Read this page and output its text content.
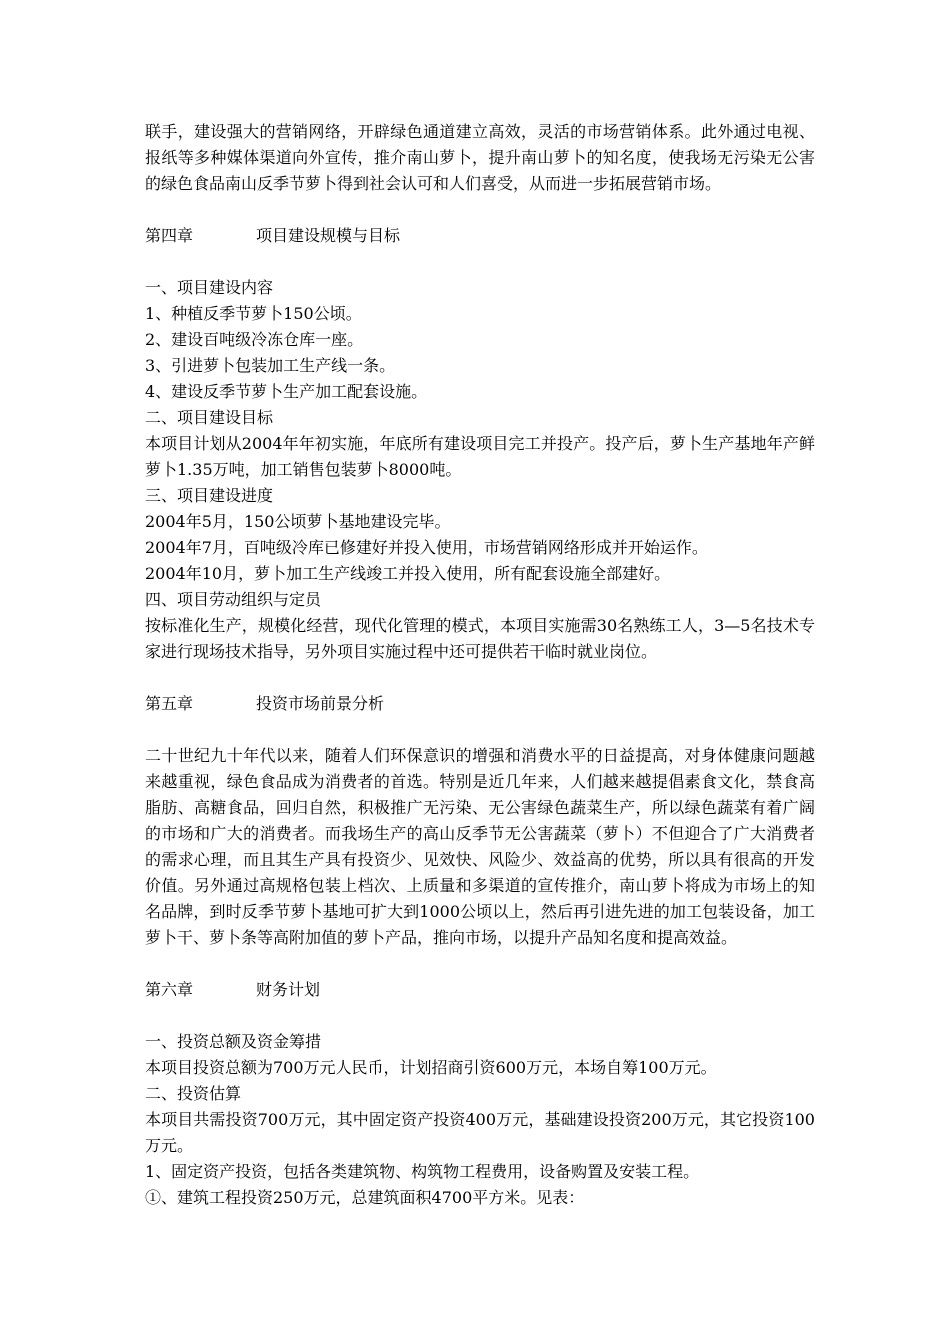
联手，建设强大的营销网络，开辟绿色通道建立高效，灵活的市场营销体系。此外通过电视、报纸等多种媒体渠道向外宣传，推介南山萝卜，提升南山萝卜的知名度，使我场无污染无公害的绿色食品南山反季节萝卜得到社会认可和人们喜受，从而进一步拓展营销市场。

第四章	项目建设规模与目标

一、项目建设内容

1、种植反季节萝卜150公顷。

2、建设百吨级冷冻仓库一座。

3、引进萝卜包装加工生产线一条。

4、建设反季节萝卜生产加工配套设施。

二、项目建设目标

本项目计划从2004年年初实施，年底所有建设项目完工并投产。投产后，萝卜生产基地年产鲜萝卜1.35万吨，加工销售包装萝卜8000吨。

三、项目建设进度

2004年5月，150公顷萝卜基地建设完毕。

2004年7月，百吨级冷库已修建好并投入使用，市场营销网络形成并开始运作。

2004年10月，萝卜加工生产线竣工并投入使用，所有配套设施全部建好。

四、项目劳动组织与定员

按标准化生产，规模化经营，现代化管理的模式，本项目实施需30名熟练工人，3—5名技术专家进行现场技术指导，另外项目实施过程中还可提供若干临时就业岗位。

第五章	投资市场前景分析

二十世纪九十年代以来，随着人们环保意识的增强和消费水平的日益提高，对身体健康问题越来越重视，绿色食品成为消费者的首选。特别是近几年来，人们越来越提倡素食文化，禁食高脂肪、高糖食品，回归自然，积极推广无污染、无公害绿色蔬菜生产，所以绿色蔬菜有着广阔的市场和广大的消费者。而我场生产的高山反季节无公害蔬菜（萝卜）不但迎合了广大消费者的需求心理，而且其生产具有投资少、见效快、风险少、效益高的优势，所以具有很高的开发价值。另外通过高规格包装上档次、上质量和多渠道的宣传推介，南山萝卜将成为市场上的知名品牌，到时反季节萝卜基地可扩大到1000公顷以上，然后再引进先进的加工包装设备，加工萝卜干、萝卜条等高附加值的萝卜产品，推向市场，以提升产品知名度和提高效益。

第六章	财务计划

一、投资总额及资金筹措

本项目投资总额为700万元人民币，计划招商引资600万元，本场自筹100万元。

二、投资估算

本项目共需投资700万元，其中固定资产投资400万元，基础建设投资200万元，其它投资100万元。

1、固定资产投资，包括各类建筑物、构筑物工程费用，设备购置及安装工程。

①、建筑工程投资250万元，总建筑面积4700平方米。见表：
